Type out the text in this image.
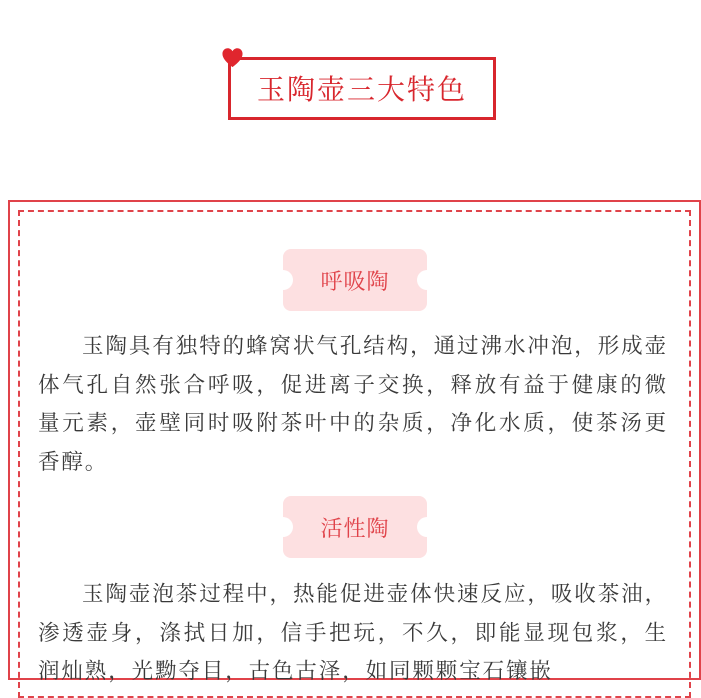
玉陶壶三大特色
呼吸陶

玉陶具有独特的蜂窝状气孔结构，通过沸水冲泡，形成壶体气孔自然张合呼吸，促进离子交换，释放有益于健康的微量元素，壶壁同时吸附茶叶中的杂质，净化水质，使茶汤更香醇。

活性陶

玉陶壶泡茶过程中，热能促进壶体快速反应，吸收茶油，渗透壶身，涤拭日加，信手把玩，不久，即能显现包浆，生润灿熟，光黝夺目，古色古泽，如同颗颗宝石镶嵌
